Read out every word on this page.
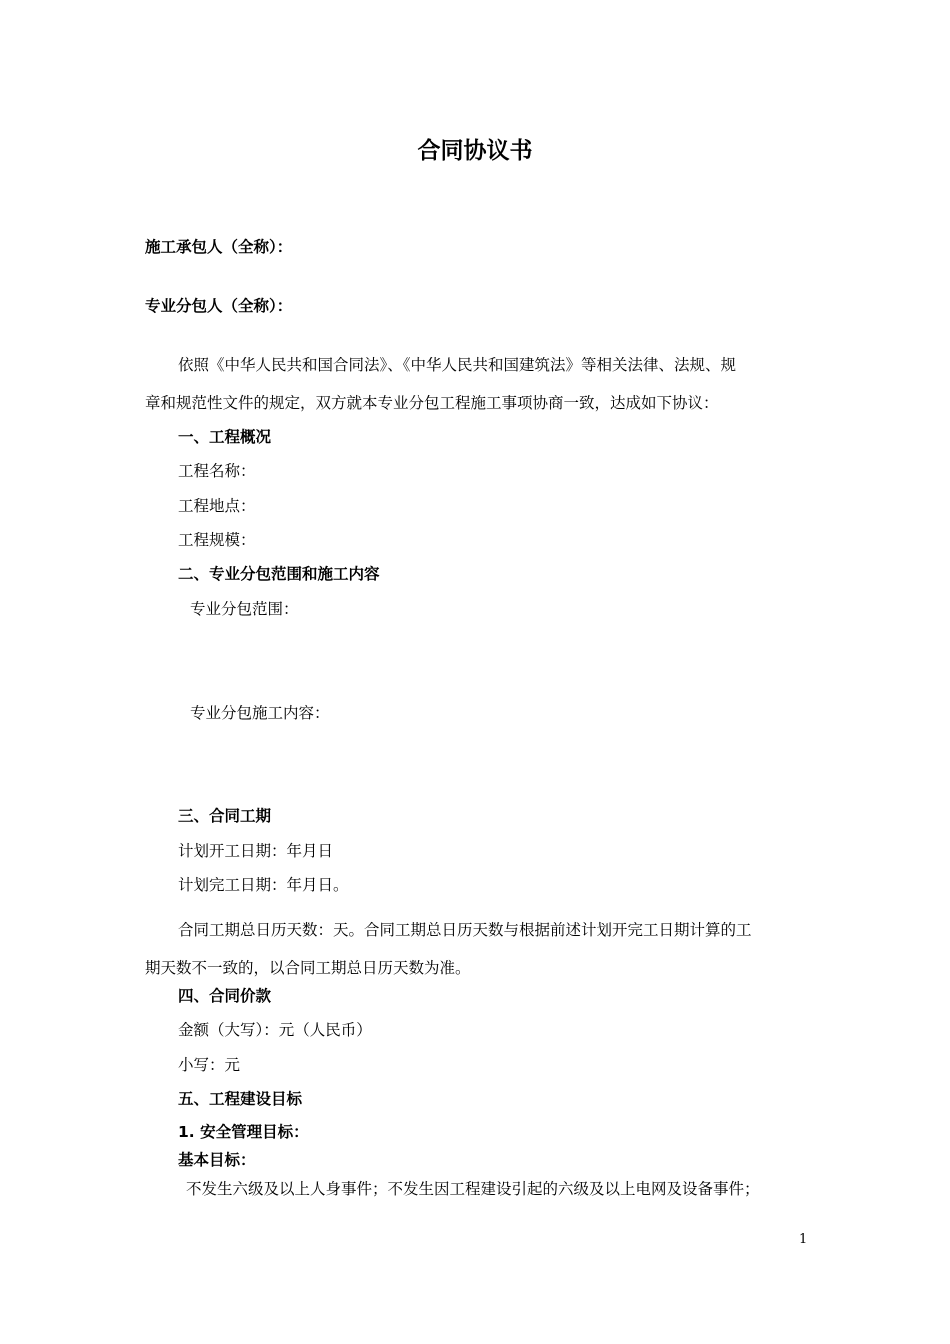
合同协议书
施工承包人（全称）：
专业分包人（全称）：
依照《中华人民共和国合同法》、《中华人民共和国建筑法》等相关法律、法规、规
章和规范性文件的规定，双方就本专业分包工程施工事项协商一致，达成如下协议：
一、工程概况
工程名称：
工程地点：
工程规模：
二、专业分包范围和施工内容
专业分包范围：
专业分包施工内容：
三、合同工期
计划开工日期：年月日
计划完工日期：年月日。
合同工期总日历天数：天。合同工期总日历天数与根据前述计划开完工日期计算的工
期天数不一致的，以合同工期总日历天数为准。
四、合同价款
金额（大写）：元（人民币）
小写：元
五、工程建设目标
1. 安全管理目标：
基本目标：
不发生六级及以上人身事件；不发生因工程建设引起的六级及以上电网及设备事件；
1
